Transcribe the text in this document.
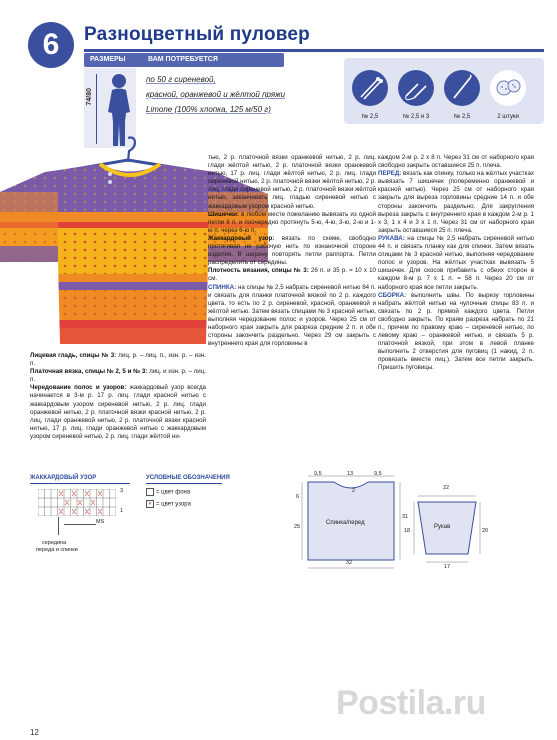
6	Разноцветный пуловер
РАЗМЕРЫ	ВАМ ПОТРЕБУЕТСЯ
74/80
по 50 г сиреневой,
красной, оранжевой и жёлтой пряжи
Limone (100% хлопка, 125 м/50 г)
№ 2,5	№ 2,5 и 3	№ 2,5	2 штуки

Лицевая гладь, спицы № 3: лиц. р. – лиц. п., изн. р. – изн. п.

Платочная вязка, спицы № 2, 5 и № 3: лиц. и изн. р. – лиц. п.

Чередование полос и узоров: жаккардовый узор всегда начинается в 3-м р. 17 р. лиц. глади красной нитью с жаккардовым узором сиреневой нитью, 2 р. лиц. глади оранжевой нитью, 2 р. платочной вязки красной нитью, 2 р. лиц. глади оранжевой нитью, 2 р. платочной вязки красной нитью, 17 р. лиц. глади оранжевой нитью с жаккардовым узором сиреневой нитью, 2 р. лиц. глади жёлтой ни-

тью, 2 р. платочной вязки оранжевой нитью, 2 р. лиц. глади жёлтой нитью, 2 р. платочной вязки оранжевой нитью, 17 р. лиц. глади жёлтой нитью, 2 р. лиц. глади сиреневой нитью, 2 р. платочной вязки жёлтой нитью, 2 р. лиц. глади сиреневой нитью, 2 р. платочной вязки жёлтой нитью, заканчивать лиц. гладью сиреневой нитью с жаккардовым узором красной нитью.

Шишечки: в любом месте пожеланию вывязать из одной петли 6 п. и поочередно протянуть 5-ю, 4-ю, 3-ю, 2-ю и 1-ю п. через 6-ю п.

Жаккардовый узор: вязать по схеме, свободно протягивая не рабочую нить по изнаночной стороне изделия. В ширину повторять петли раппорта. Петли распределить от середины.

Плотность вязания, спицы № 3: 26 п. и 35 р. = 10 х 10 см.

СПИНКА: на спицы № 2,5 набрать сиреневой нитью 84 п. и связать для планки платочной вязкой по 2 р. каждого цвета, то есть по 2 р. сиреневой, красной, оранжевой и жёлтой нитью. Затем вязать спицами № 3 красной нитью, выполняя чередование полос и узоров. Через 25 см от наборного края закрыть для разреза средние 2 п. и обе стороны закончить раздельно. Через 29 см закрыть с внутреннего края для горловины в

каждом 2-м р. 2 х 8 п. Через 31 см от наборного края свободно закрыть оставшиеся 25 п. плеча.

ПЕРЕД: вязать как спинку, только на жёлтых участках вывязать 7 шишечек (попеременно оранжевой и красной нитью). Через 25 см от наборного края закрыть для выреза горловины средние 14 п. и обе стороны закончить раздельно. Для закругления выреза закрыть с внутреннего края в каждом 2-м р. 1 х 3, 1 х 4 и 3 х 1 п. Через 31 см от наборного края закрыть оставшиеся 25 п. плеча.

РУКАВА: на спицы № 2,5 набрать сиреневой нитью 44 п. и связать планку как для спинки. Затем вязать спицами № 3 красной нитью, выполняя чередование полос и узоров. На жёлтых участках вывязать 5 шишечек. Для скосов прибавить с обеих сторон в каждом 8-м р. 7 х 1 п. = 58 п. Через 20 см от наборного края все петли закрыть.

СБОРКА: выполнить швы. По вырезу горловины набрать жёлтой нитью на чулочные спицы 83 п. и связать по 2 р. прямой каждого цвета. Петли свободно закрыть. По краям разреза набрать по 21 п., причем по правому краю – сиреневой нитью, по левому краю – оранжевой нитью, и связать 5 р. платочной вязкой, при этом в левой планке выполнить 2 отверстия для пуговиц (1 накид, 2 п. провязать вместе лиц.). Затем все петли закрыть. Пришить пуговицы.

ЖАККАРДОВЫЙ УЗОР
3
1
MS
середина
переда и спинки
УСЛОВНЫЕ ОБОЗНАЧЕНИЯ
= цвет фона
✕ = цвет узора
9,5	13	9,5
2
Спинка/перед
6
25
31
32
22
Рукав
18	20
17
12
Postila.ru
